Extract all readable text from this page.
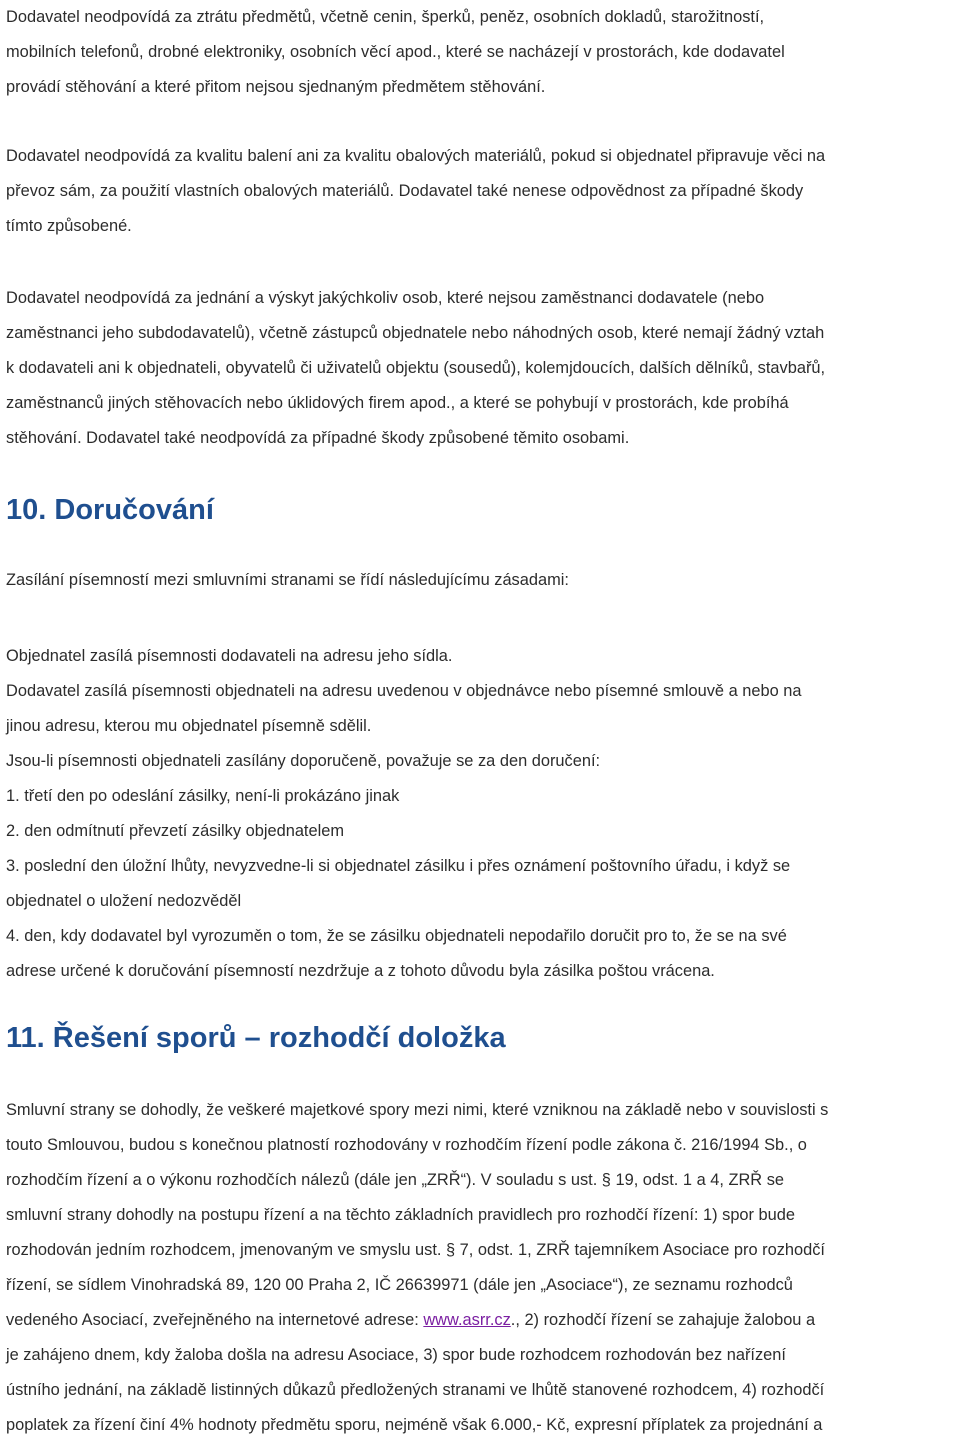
Dodavatel neodpovídá za ztrátu předmětů, včetně cenin, šperků, peněz, osobních dokladů, starožitností,
mobilních telefonů, drobné elektroniky, osobních věcí apod., které se nacházejí v prostorách, kde dodavatel
provádí stěhování a které přitom nejsou sjednaným předmětem stěhování.

Dodavatel neodpovídá za kvalitu balení ani za kvalitu obalových materiálů, pokud si objednatel připravuje věci na
převoz sám, za použití vlastních obalových materiálů. Dodavatel také nenese odpovědnost za případné škody
tímto způsobené.

Dodavatel neodpovídá za jednání a výskyt jakýchkoliv osob, které nejsou zaměstnanci dodavatele (nebo
zaměstnanci jeho subdodavatelů), včetně zástupců objednatele nebo náhodných osob, které nemají žádný vztah
k dodavateli ani k objednateli, obyvatelů či uživatelů objektu (sousedů), kolemjdoucích, dalších dělníků, stavbařů,
zaměstnanců jiných stěhovacích nebo úklidových firem apod., a které se pohybují v prostorách, kde probíhá
stěhování. Dodavatel také neodpovídá za případné škody způsobené těmito osobami.

10. Doručování

Zasílání písemností mezi smluvními stranami se řídí následujícímu zásadami:

Objednatel zasílá písemnosti dodavateli na adresu jeho sídla.
Dodavatel zasílá písemnosti objednateli na adresu uvedenou v objednávce nebo písemné smlouvě a nebo na
jinou adresu, kterou mu objednatel písemně sdělil.
Jsou-li písemnosti objednateli zasílány doporučeně, považuje se za den doručení:
1. třetí den po odeslání zásilky, není-li prokázáno jinak
2. den odmítnutí převzetí zásilky objednatelem
3. poslední den úložní lhůty, nevyzvedne-li si objednatel zásilku i přes oznámení poštovního úřadu, i když se
objednatel o uložení nedozvěděl
4. den, kdy dodavatel byl vyrozuměn o tom, že se zásilku objednateli nepodařilo doručit pro to, že se na své
adrese určené k doručování písemností nezdržuje a z tohoto důvodu byla zásilka poštou vrácena.

11. Řešení sporů – rozhodčí doložka

Smluvní strany se dohodly, že veškeré majetkové spory mezi nimi, které vzniknou na základě nebo v souvislosti s
touto Smlouvou, budou s konečnou platností rozhodovány v rozhodčím řízení podle zákona č. 216/1994 Sb., o
rozhodčím řízení a o výkonu rozhodčích nálezů (dále jen „ZRŘ“). V souladu s ust. § 19, odst. 1 a 4, ZRŘ se
smluvní strany dohodly na postupu řízení a na těchto základních pravidlech pro rozhodčí řízení: 1) spor bude
rozhodován jedním rozhodcem, jmenovaným ve smyslu ust. § 7, odst. 1, ZRŘ tajemníkem Asociace pro rozhodčí
řízení, se sídlem Vinohradská 89, 120 00 Praha 2, IČ 26639971 (dále jen „Asociace“), ze seznamu rozhodců
vedeného Asociací, zveřejněného na internetové adrese: www.asrr.cz., 2) rozhodčí řízení se zahajuje žalobou a
je zahájeno dnem, kdy žaloba došla na adresu Asociace, 3) spor bude rozhodcem rozhodován bez nařízení
ústního jednání, na základě listinných důkazů předložených stranami ve lhůtě stanovené rozhodcem, 4) rozhodčí
poplatek za řízení činí 4% hodnoty předmětu sporu, nejméně však 6.000,- Kč, expresní příplatek za projednání a
